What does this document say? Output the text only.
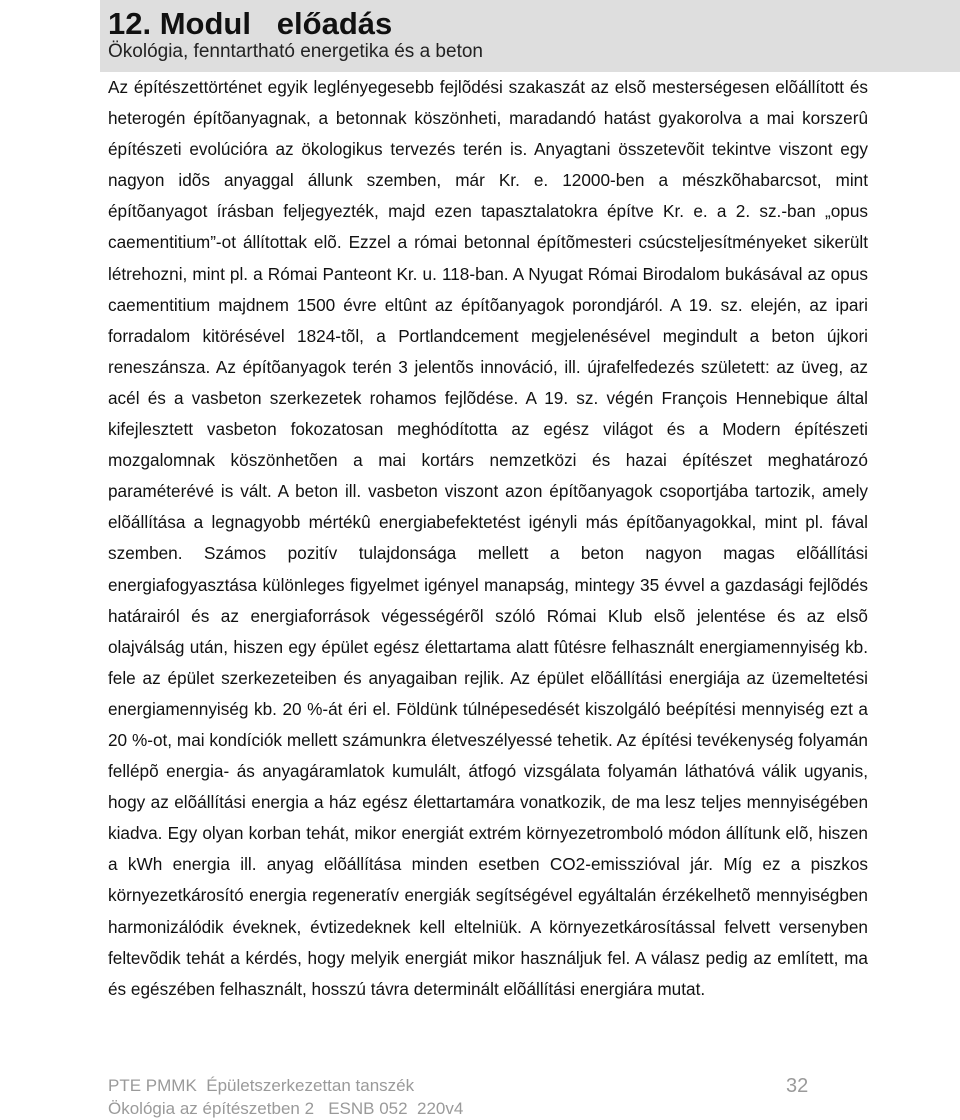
12. Modul   előadás
Ökológia, fenntartható energetika és a beton

Az építészettörténet egyik leglényegesebb fejlõdési szakaszát az elsõ mesterségesen elõállított és heterogén építõanyagnak, a betonnak köszönheti, maradandó hatást gyakorolva a mai korszerû építészeti evolúcióra az ökologikus tervezés terén is. Anyagtani összetevõit tekintve viszont egy nagyon idõs anyaggal állunk szemben, már Kr. e. 12000-ben a mészkõhabarcsot, mint építõanyagot írásban feljegyezték, majd ezen tapasztalatokra építve Kr. e. a 2. sz.-ban „opus caementitium”-ot állítottak elõ. Ezzel a római betonnal építõmesteri csúcsteljesítményeket sikerült létrehozni, mint pl. a Római Panteont Kr. u. 118-ban. A Nyugat Római Birodalom bukásával az opus caementitium majdnem 1500 évre eltûnt az építõanyagok porondjáról. A 19. sz. elején, az ipari forradalom kitörésével 1824-tõl, a Portlandcement megjelenésével megindult a beton újkori reneszánsza. Az építõanyagok terén 3 jelentõs innováció, ill. újrafelfedezés született: az üveg, az acél és a vasbeton szerkezetek rohamos fejlõdése. A 19. sz. végén François Hennebique által kifejlesztett vasbeton fokozatosan meghódította az egész világot és a Modern építészeti mozgalomnak köszönhetõen a mai kortárs nemzetközi és hazai építészet meghatározó paraméterévé is vált. A beton ill. vasbeton viszont azon építõanyagok csoportjába tartozik, amely elõállítása a legnagyobb mértékû energiabefektetést igényli más építõanyagokkal, mint pl. fával szemben. Számos pozitív tulajdonsága mellett a beton nagyon magas elõállítási energiafogyasztása különleges figyelmet igényel manapság, mintegy 35 évvel a gazdasági fejlõdés határairól és az energiaforrások végességérõl szóló Római Klub elsõ jelentése és az elsõ olajválság után, hiszen egy épület egész élettartama alatt fûtésre felhasznált energiamennyiség kb. fele az épület szerkezeteiben és anyagaiban rejlik. Az épület elõállítási energiája az üzemeltetési energiamennyiség kb. 20 %-át éri el. Földünk túlnépesedését kiszolgáló beépítési mennyiség ezt a 20 %-ot, mai kondíciók mellett számunkra életveszélyessé tehetik. Az építési tevékenység folyamán fellépõ energia- ás anyagáramlatok kumulált, átfogó vizsgálata folyamán láthatóvá válik ugyanis, hogy az elõállítási energia a ház egész élettartamára vonatkozik, de ma lesz teljes mennyiségében kiadva. Egy olyan korban tehát, mikor energiát extrém környezetromboló módon állítunk elõ, hiszen a kWh energia ill. anyag elõállítása minden esetben CO2-emisszióval jár. Míg ez a piszkos környezetkárosító energia regeneratív energiák segítségével egyáltalán érzékelhetõ mennyiségben harmonizálódik éveknek, évtizedeknek kell eltelniük. A környezetkárosítással felvett versenyben feltevõdik tehát a kérdés, hogy melyik energiát mikor használjuk fel. A válasz pedig az említett, ma és egészében felhasznált, hosszú távra determinált elõállítási energiára mutat.

PTE PMMK  Épületszerkezettan tanszék
Ökológia az építészetben 2   ESNB 052  220v4
32
